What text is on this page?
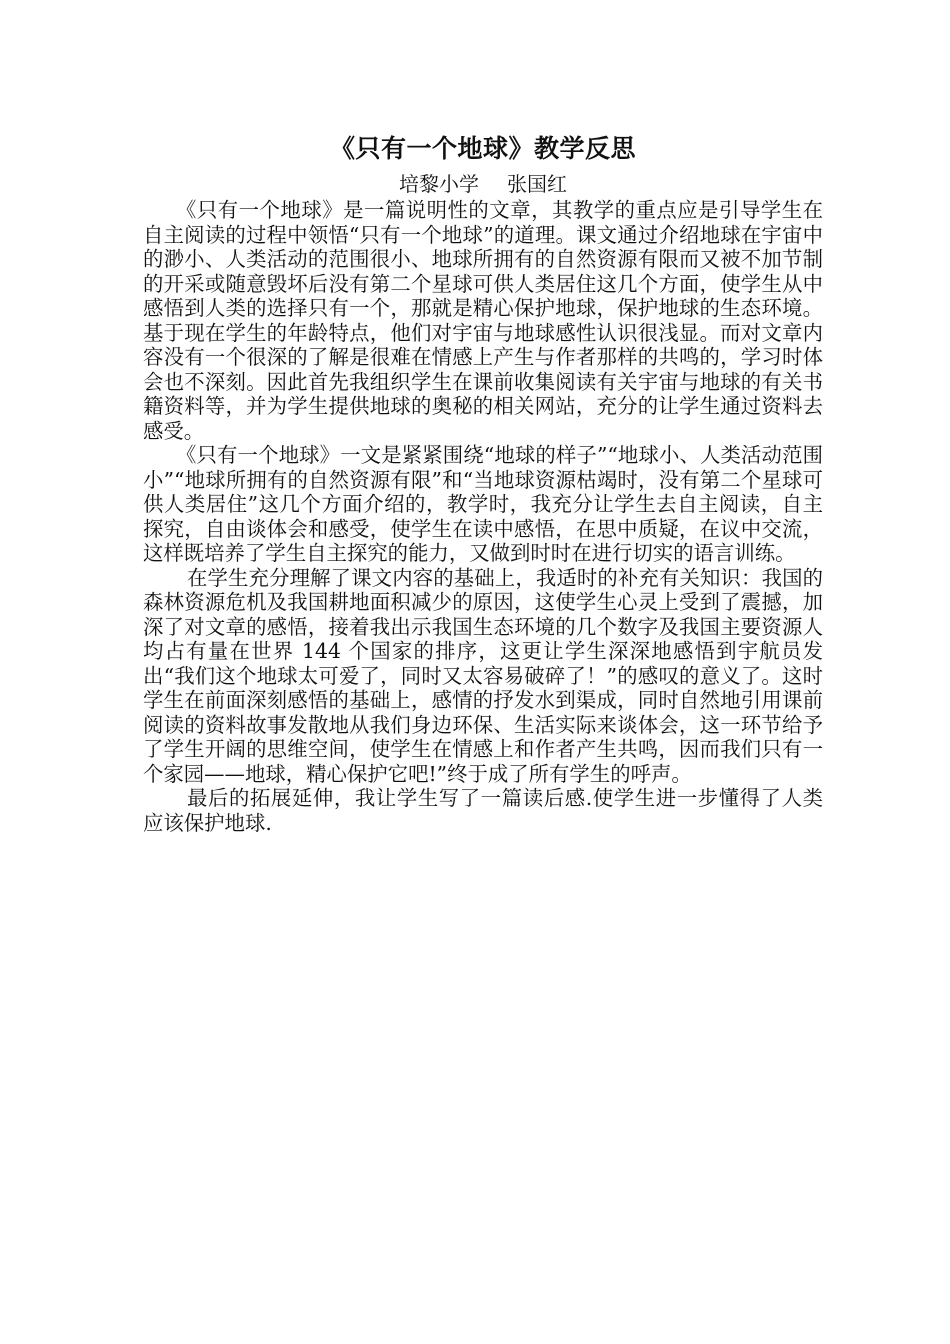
《只有一个地球》教学反思
培黎小学 张国红

《只有一个地球》是一篇说明性的文章，其教学的重点应是引导学生在自主阅读的过程中领悟“只有一个地球”的道理。课文通过介绍地球在宇宙中的渺小、人类活动的范围很小、地球所拥有的自然资源有限而又被不加节制的开采或随意毁坏后没有第二个星球可供人类居住这几个方面，使学生从中感悟到人类的选择只有一个，那就是精心保护地球，保护地球的生态环境。基于现在学生的年龄特点，他们对宇宙与地球感性认识很浅显。而对文章内容没有一个很深的了解是很难在情感上产生与作者那样的共鸣的，学习时体会也不深刻。因此首先我组织学生在课前收集阅读有关宇宙与地球的有关书籍资料等，并为学生提供地球的奥秘的相关网站，充分的让学生通过资料去感受。

《只有一个地球》一文是紧紧围绕“地球的样子”“地球小、人类活动范围小”“地球所拥有的自然资源有限”和“当地球资源枯竭时，没有第二个星球可供人类居住”这几个方面介绍的，教学时，我充分让学生去自主阅读，自主探究，自由谈体会和感受，使学生在读中感悟，在思中质疑，在议中交流，这样既培养了学生自主探究的能力，又做到时时在进行切实的语言训练。

在学生充分理解了课文内容的基础上，我适时的补充有关知识：我国的森林资源危机及我国耕地面积减少的原因，这使学生心灵上受到了震撼，加深了对文章的感悟，接着我出示我国生态环境的几个数字及我国主要资源人均占有量在世界 144 个国家的排序，这更让学生深深地感悟到宇航员发出“我们这个地球太可爱了，同时又太容易破碎了！”的感叹的意义了。这时学生在前面深刻感悟的基础上，感情的抒发水到渠成，同时自然地引用课前阅读的资料故事发散地从我们身边环保、生活实际来谈体会，这一环节给予了学生开阔的思维空间，使学生在情感上和作者产生共鸣，因而我们只有一个家园——地球，精心保护它吧!”终于成了所有学生的呼声。

最后的拓展延伸，我让学生写了一篇读后感.使学生进一步懂得了人类应该保护地球.
